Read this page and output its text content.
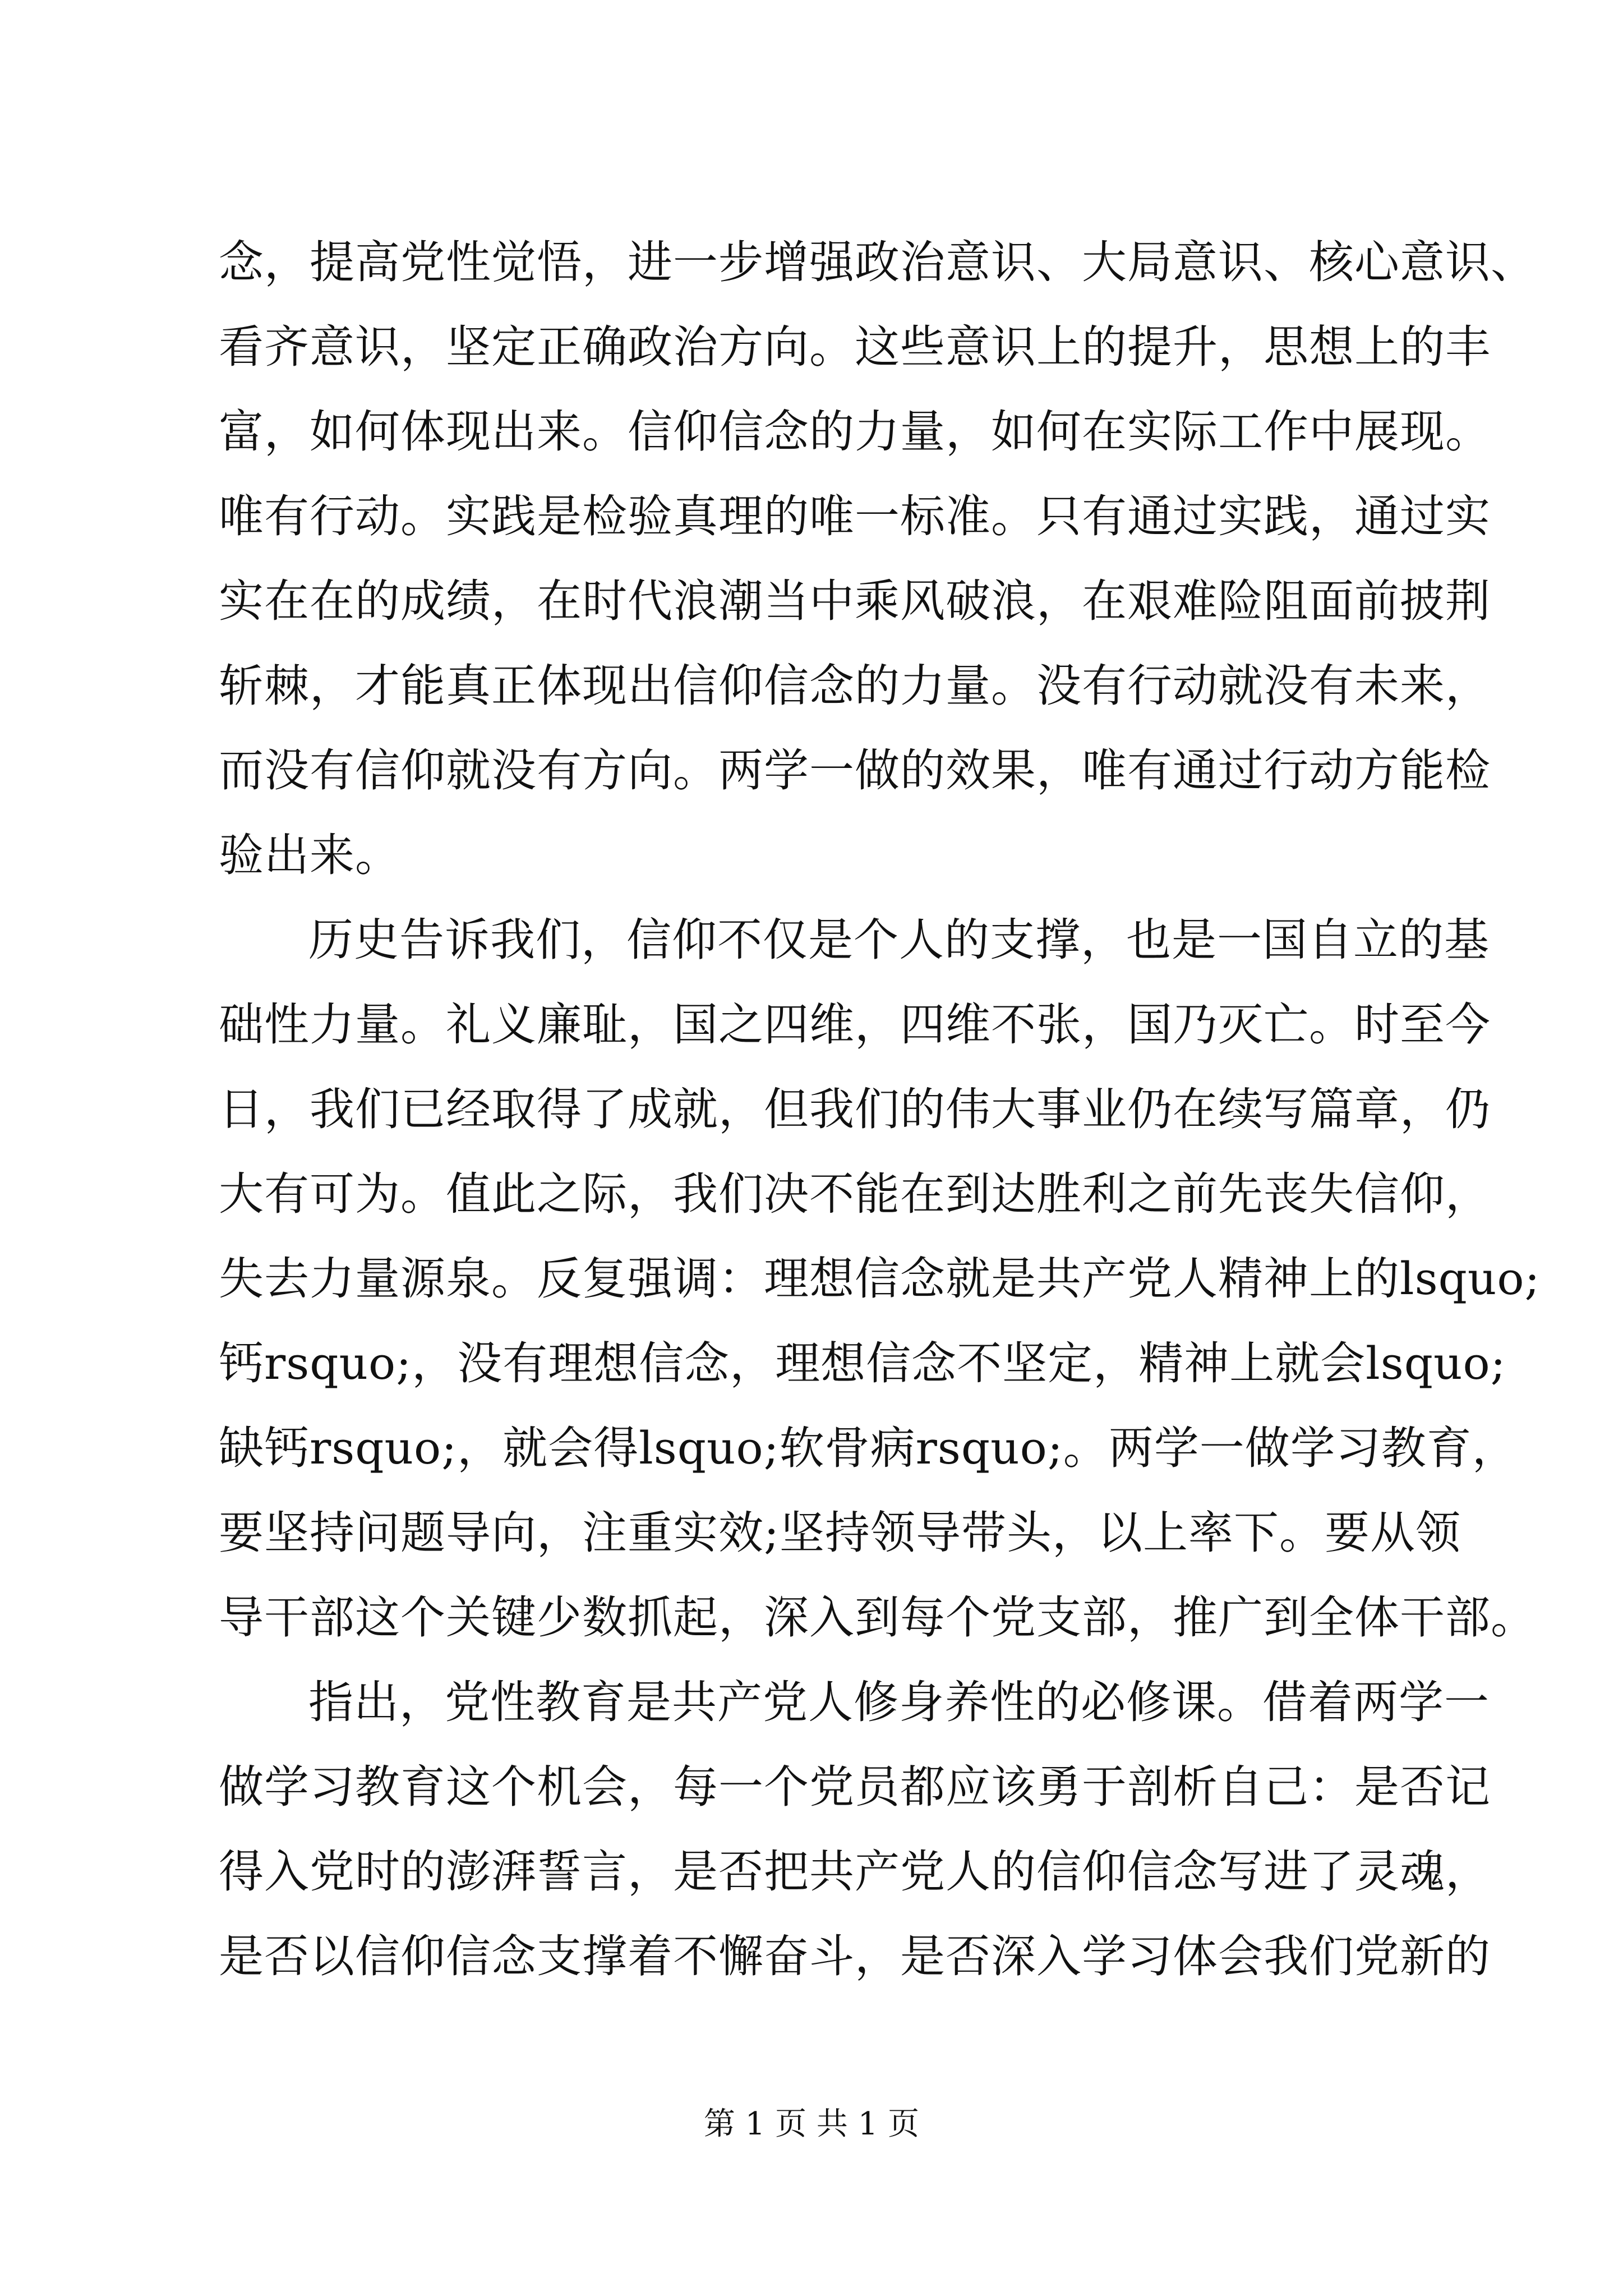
念，提高党性觉悟，进一步增强政治意识、大局意识、核心意识、
看齐意识，坚定正确政治方向。这些意识上的提升，思想上的丰
富，如何体现出来。信仰信念的力量，如何在实际工作中展现。
唯有行动。实践是检验真理的唯一标准。只有通过实践，通过实
实在在的成绩，在时代浪潮当中乘风破浪，在艰难险阻面前披荆
斩棘，才能真正体现出信仰信念的力量。没有行动就没有未来，
而没有信仰就没有方向。两学一做的效果，唯有通过行动方能检
验出来。
历史告诉我们，信仰不仅是个人的支撑，也是一国自立的基
础性力量。礼义廉耻，国之四维，四维不张，国乃灭亡。时至今
日，我们已经取得了成就，但我们的伟大事业仍在续写篇章，仍
大有可为。值此之际，我们决不能在到达胜利之前先丧失信仰，
失去力量源泉。反复强调：理想信念就是共产党人精神上的lsquo;
钙rsquo;，没有理想信念，理想信念不坚定，精神上就会lsquo;
缺钙rsquo;，就会得lsquo;软骨病rsquo;。两学一做学习教育，
要坚持问题导向，注重实效;坚持领导带头，以上率下。要从领
导干部这个关键少数抓起，深入到每个党支部，推广到全体干部。
指出，党性教育是共产党人修身养性的必修课。借着两学一
做学习教育这个机会，每一个党员都应该勇于剖析自己：是否记
得入党时的澎湃誓言，是否把共产党人的信仰信念写进了灵魂，
是否以信仰信念支撑着不懈奋斗，是否深入学习体会我们党新的
第 1 页 共 1 页
